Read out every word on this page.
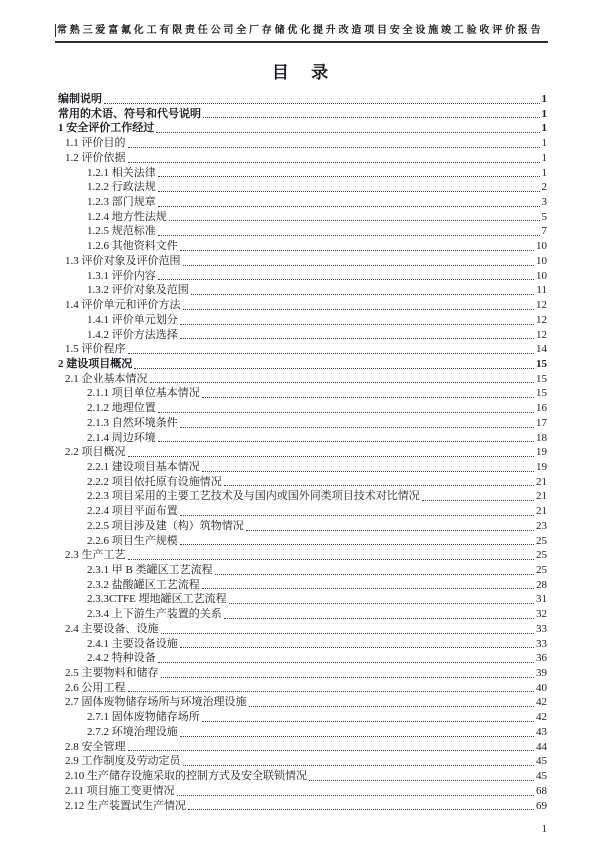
常熟三爱富氟化工有限责任公司全厂存储优化提升改造项目安全设施竣工验收评价报告
目 录
编制说明	1
常用的术语、符号和代号说明	1
1 安全评价工作经过	1
1.1 评价目的	1
1.2 评价依据	1
1.2.1 相关法律	1
1.2.2 行政法规	2
1.2.3 部门规章	3
1.2.4 地方性法规	5
1.2.5 规范标准	7
1.2.6 其他资料文件	10
1.3 评价对象及评价范围	10
1.3.1 评价内容	10
1.3.2 评价对象及范围	11
1.4 评价单元和评价方法	12
1.4.1 评价单元划分	12
1.4.2 评价方法选择	12
1.5 评价程序	14
2 建设项目概况	15
2.1 企业基本情况	15
2.1.1 项目单位基本情况	15
2.1.2 地理位置	16
2.1.3 自然环境条件	17
2.1.4 周边环境	18
2.2 项目概况	19
2.2.1 建设项目基本情况	19
2.2.2 项目依托原有设施情况	21
2.2.3 项目采用的主要工艺技术及与国内或国外同类项目技术对比情况	21
2.2.4 项目平面布置	21
2.2.5 项目涉及建（构）筑物情况	23
2.2.6 项目生产规模	25
2.3 生产工艺	25
2.3.1 甲 B 类罐区工艺流程	25
2.3.2 盐酸罐区工艺流程	28
2.3.3CTFE 埋地罐区工艺流程	31
2.3.4 上下游生产装置的关系	32
2.4 主要设备、设施	33
2.4.1 主要设备设施	33
2.4.2 特种设备	36
2.5 主要物料和储存	39
2.6 公用工程	40
2.7 固体废物储存场所与环境治理设施	42
2.7.1 固体废物储存场所	42
2.7.2 环境治理设施	43
2.8 安全管理	44
2.9 工作制度及劳动定员	45
2.10 生产储存设施采取的控制方式及安全联锁情况	45
2.11 项目施工变更情况	68
2.12 生产装置试生产情况	69
1
